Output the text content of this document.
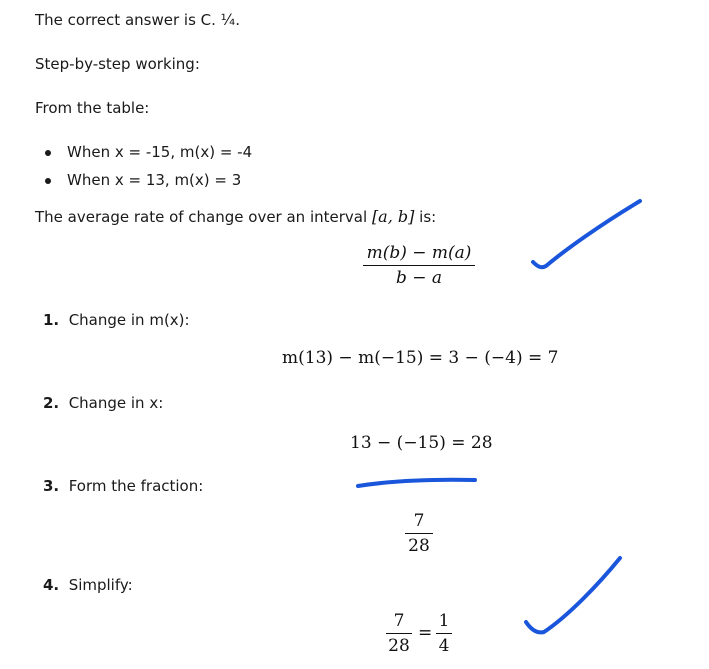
The correct answer is C. ¼.
Step-by-step working:
From the table:
When x = -15, m(x) = -4
When x = 13, m(x) = 3
The average rate of change over an interval [a, b] is:
m(b) − m(a)
b − a
1. Change in m(x):
m(13) − m(−15) = 3 − (−4) = 7
2. Change in x:
13 − (−15) = 28
3. Form the fraction:
7
28
4. Simplify:
7
28
=
1
4
